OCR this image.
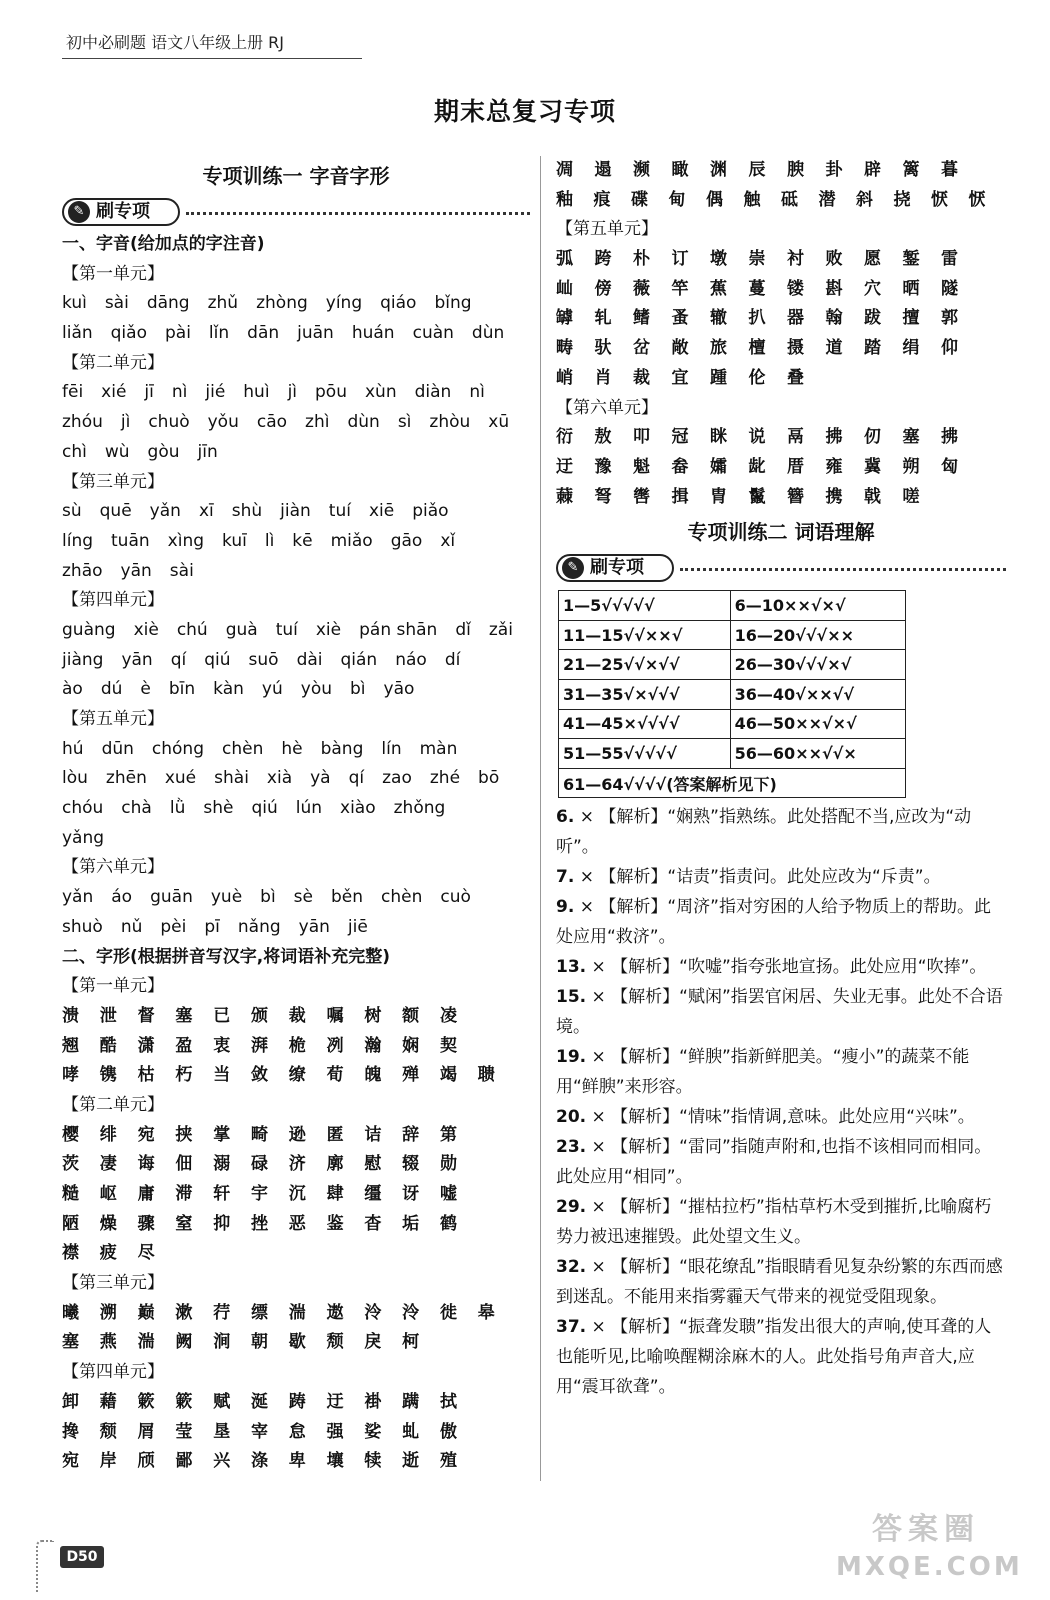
初中必刷题 语文八年级上册 RJ
期末总复习专项
专项训练一 字音字形
✎ 刷专项
一、字音(给加点的字注音)
【第一单元】
kuì sài dāng zhǔ zhòng yíng qiáo bǐng
liǎn qiǎo pài lǐn dān juān huán cuàn dùn
【第二单元】
fēi xié jī nì jié huì jì pōu xùn diàn nì
zhóu jì chuò yǒu cāo zhì dùn sì zhòu xū
chì wù gòu jīn
【第三单元】
sù quē yǎn xī shù jiàn tuí xiē piǎo
líng tuān xìng kuī lì kē miǎo gāo xǐ
zhāo yān sài
【第四单元】
guàng xiè chú guà tuí xiè pán shān dǐ zǎi
jiàng yān qí qiú suō dài qián náo dí
ào dú è bīn kàn yú yòu bì yāo
【第五单元】
hú dūn chóng chèn hè bàng lín màn
lòu zhēn xué shài xià yà qí zao zhé bō
chóu chà lǜ shè qiú lún xiào zhǒng
yǎng
【第六单元】
yǎn áo guān yuè bì sè běn chèn cuò
shuò nǔ pèi pī nǎng yān jiē
二、字形(根据拼音写汉字,将词语补充完整)
【第一单元】
溃	泄	督	塞	已	颁	裁	嘱	树	额	凌
翘	酷	潇	盈	衷	湃	桅	冽	瀚	娴	契
哮	镌	枯	朽	当	敛	缭	荀	魄	殚	竭	聩
【第二单元】
樱	绯	宛	挟	掌	畸	逊	匿	诘	辞	第
茨	凄	诲	佃	溺	碌	济	廓	慰	辍	勋
糙	岖	庸	滞	轩	宇	沉	肆	缰	讶	嘘
陋	燥	骤	窒	抑	挫	恶	鉴	杳	垢	鹤
襟	疲	尽
【第三单元】
曦	溯	巅	漱	荇	缥	湍	遨	泠	泠	徙	皋
塞	燕	湍	阙	涧	朝	歇	颓	戾	柯
【第四单元】
卸	藉	簌	簌	赋	涎	踌	迂	褂	蹒	拭
搀	颓	屑	莹	垦	宰	怠	强	娑	虬	傲
宛	岸	颀	鄙	兴	涤	卑	壤	犊	逝	殖
凋	遢	濒	瞰	渊	辰	腴	卦	辟	篱	暮
釉	痕	碟	甸	偶	触	砥	潜	斜	挠	恹	恹
【第五单元】
弧	跨	朴	订	墩	崇	衬	败	愿	錾	雷
屾	傍	薇	竿	蕉	蔓	镂	斟	穴	晒	隧
罅	轧	鳍	蚤	辙	扒	器	翰	跋	擅	郭
畴	驮	岔	敞	旅	檀	摄	道	踏	绢	仰
峭	肖	裁	宜	踵	伦	叠
【第六单元】
衍	敖	叩	冠	眯	说	鬲	拂	仞	塞	拂
迂	豫	魁	畚	孀	龀	厝	雍	冀	朔	匈
蕀	弩	辔	揖	胄	鬣	簪	携	戟	嗟
专项训练二 词语理解
✎ 刷专项
1—5√√√√√	6—10××√×√
11—15√√××√	16—20√√√××
21—25√√×√√	26—30√√√×√
31—35√×√√√	36—40√××√√
41—45×√√√√	46—50××√×√
51—55√√√√√	56—60××√√×
61—64√√√√(答案解析见下)	
6. × 【解析】“娴熟”指熟练。此处搭配不当,应改为“动听”。
7. × 【解析】“诘责”指责问。此处应改为“斥责”。
9. × 【解析】“周济”指对穷困的人给予物质上的帮助。此处应用“救济”。
13. × 【解析】“吹嘘”指夸张地宣扬。此处应用“吹捧”。
15. × 【解析】“赋闲”指罢官闲居、失业无事。此处不合语境。
19. × 【解析】“鲜腴”指新鲜肥美。“瘦小”的蔬菜不能用“鲜腴”来形容。
20. × 【解析】“情味”指情调,意味。此处应用“兴味”。
23. × 【解析】“雷同”指随声附和,也指不该相同而相同。此处应用“相同”。
29. × 【解析】“摧枯拉朽”指枯草朽木受到摧折,比喻腐朽势力被迅速摧毁。此处望文生义。
32. × 【解析】“眼花缭乱”指眼睛看见复杂纷繁的东西而感到迷乱。不能用来指雾霾天气带来的视觉受阻现象。
37. × 【解析】“振聋发聩”指发出很大的声响,使耳聋的人也能听见,比喻唤醒糊涂麻木的人。此处指号角声音大,应用“震耳欲聋”。
D50
答案圈
MXQE.COM
